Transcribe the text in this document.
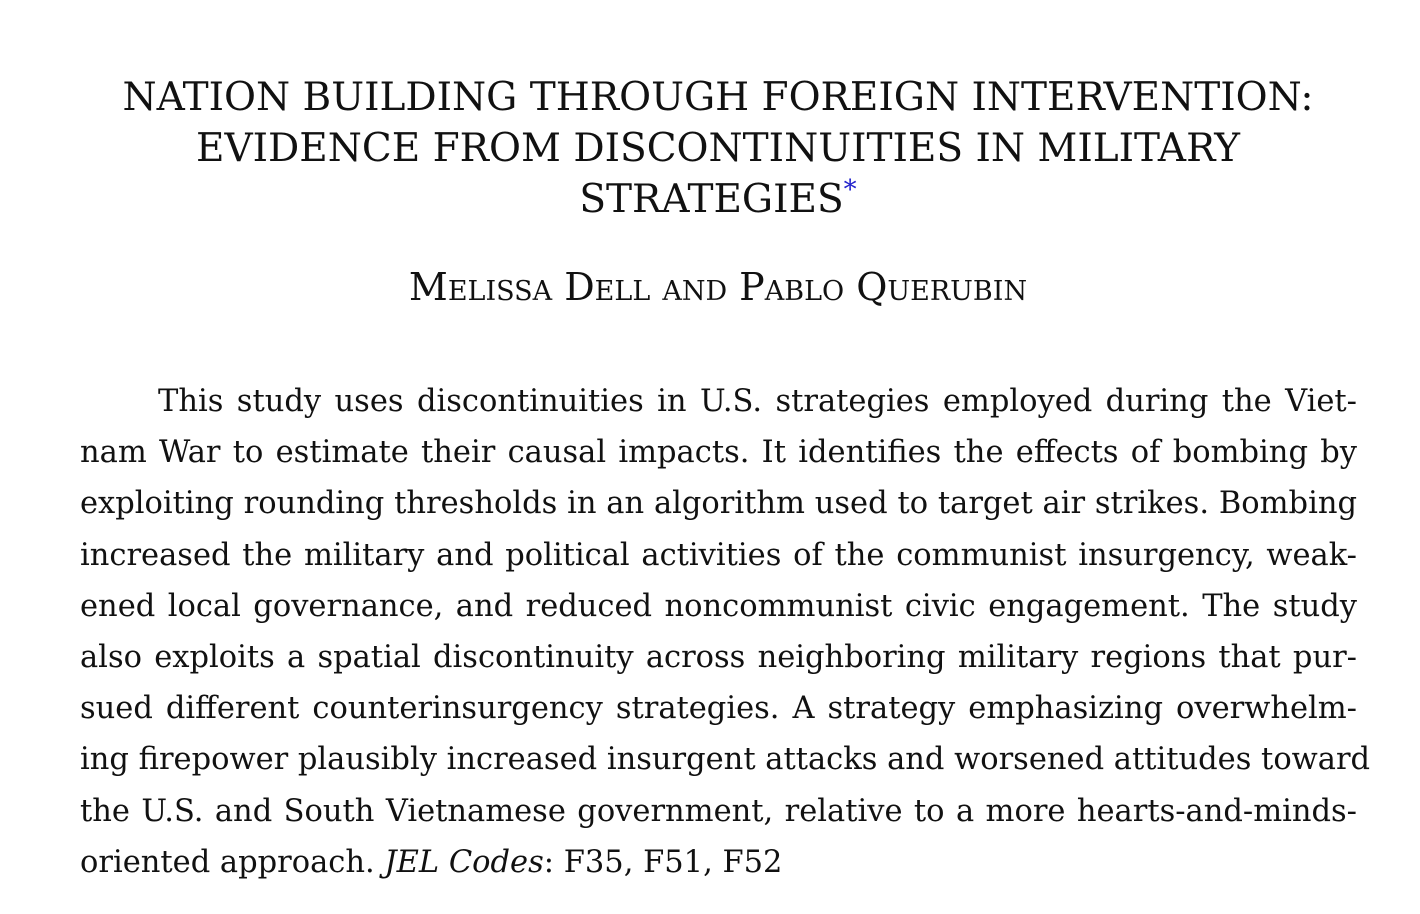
NATION BUILDING THROUGH FOREIGN INTERVENTION:
EVIDENCE FROM DISCONTINUITIES IN MILITARY
STRATEGIES*

Melissa Dell and Pablo Querubin

This study uses discontinuities in U.S. strategies employed during the Viet-
nam War to estimate their causal impacts. It identifies the effects of bombing by
exploiting rounding thresholds in an algorithm used to target air strikes. Bombing
increased the military and political activities of the communist insurgency, weak-
ened local governance, and reduced noncommunist civic engagement. The study
also exploits a spatial discontinuity across neighboring military regions that pur-
sued different counterinsurgency strategies. A strategy emphasizing overwhelm-
ing firepower plausibly increased insurgent attacks and worsened attitudes toward
the U.S. and South Vietnamese government, relative to a more hearts-and-minds-
oriented approach. JEL Codes: F35, F51, F52
